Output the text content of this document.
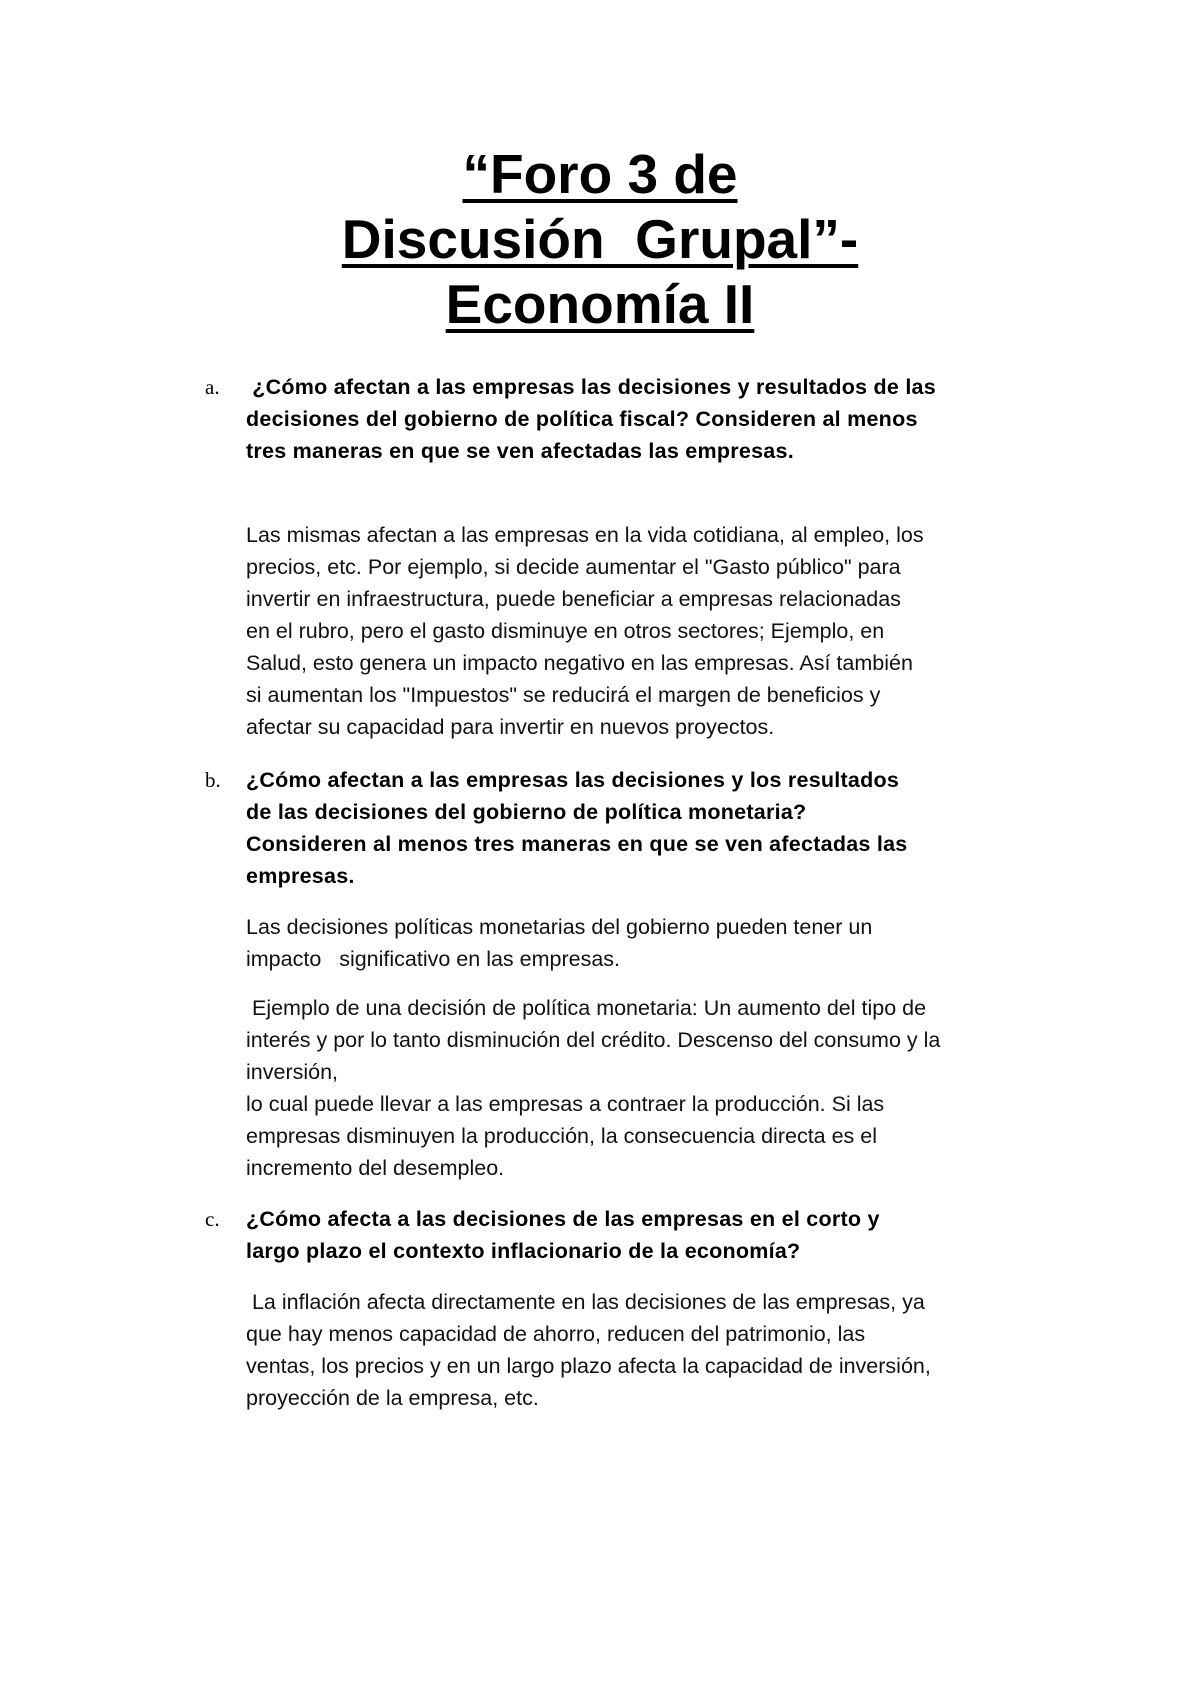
“Foro 3 de
Discusión  Grupal”-
Economía II
a. ¿Cómo afectan a las empresas las decisiones y resultados de las
decisiones del gobierno de política fiscal? Consideren al menos
tres maneras en que se ven afectadas las empresas.
Las mismas afectan a las empresas en la vida cotidiana, al empleo, los
precios, etc. Por ejemplo, si decide aumentar el "Gasto público" para
invertir en infraestructura, puede beneficiar a empresas relacionadas
en el rubro, pero el gasto disminuye en otros sectores; Ejemplo, en
Salud, esto genera un impacto negativo en las empresas. Así también
si aumentan los "Impuestos" se reducirá el margen de beneficios y
afectar su capacidad para invertir en nuevos proyectos.
b. ¿Cómo afectan a las empresas las decisiones y los resultados
de las decisiones del gobierno de política monetaria?
Consideren al menos tres maneras en que se ven afectadas las
empresas.
Las decisiones políticas monetarias del gobierno pueden tener un
impacto   significativo en las empresas.
Ejemplo de una decisión de política monetaria: Un aumento del tipo de
interés y por lo tanto disminución del crédito. Descenso del consumo y la
inversión,
lo cual puede llevar a las empresas a contraer la producción. Si las
empresas disminuyen la producción, la consecuencia directa es el
incremento del desempleo.
c. ¿Cómo afecta a las decisiones de las empresas en el corto y
largo plazo el contexto inflacionario de la economía?
La inflación afecta directamente en las decisiones de las empresas, ya
que hay menos capacidad de ahorro, reducen del patrimonio, las
ventas, los precios y en un largo plazo afecta la capacidad de inversión,
proyección de la empresa, etc.
